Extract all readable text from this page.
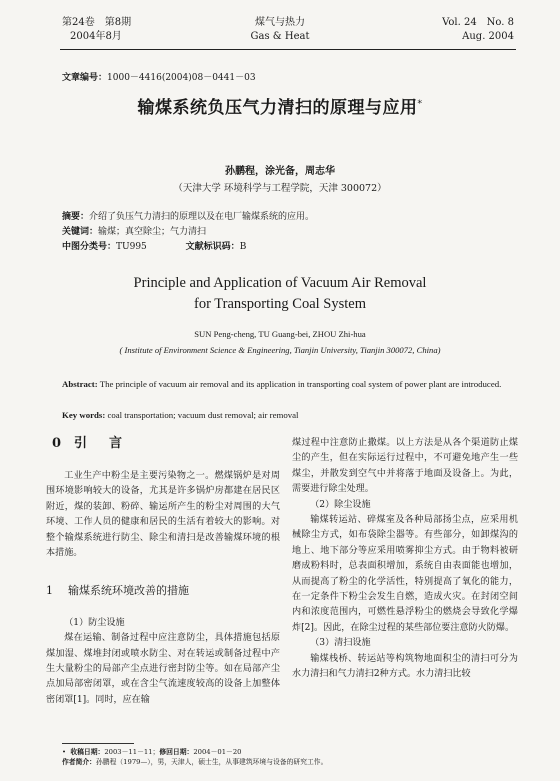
第24卷　第8期
2004年8月
煤气与热力
Gas & Heat
Vol. 24　No. 8
Aug. 2004
文章编号：1000－4416(2004)08－0441－03
输煤系统负压气力清扫的原理与应用*
孙鹏程，涂光备，周志华
（天津大学 环境科学与工程学院，天津 300072）
摘要：介绍了负压气力清扫的原理以及在电厂输煤系统的应用。
关键词：输煤；真空除尘；气力清扫
中图分类号：TU995	文献标识码：B
Principle and Application of Vacuum Air Removal
for Transporting Coal System
SUN Peng-cheng, TU Guang-bei, ZHOU Zhi-hua
( Institute of Environment Science & Engineering, Tianjin University, Tianjin 300072, China)
Abstract: The principle of vacuum air removal and its application in transporting coal system of power plant are introduced.
Key words: coal transportation; vacuum dust removal; air removal

0 引言

工业生产中粉尘是主要污染物之一。燃煤锅炉是对周围环境影响较大的设备，尤其是许多锅炉房都建在居民区附近，煤的装卸、粉碎、输运所产生的粉尘对周围的大气环境、工作人员的健康和居民的生活有着较大的影响。对整个输煤系统进行防尘、除尘和清扫是改善输煤环境的根本措施。

1 输煤系统环境改善的措施

（1）防尘设施

煤在运输、制备过程中应注意防尘，具体措施包括原煤加湿、煤堆封闭或喷水防尘、对在转运或制备过程中产生大量粉尘的局部产尘点进行密封防尘等。如在局部产尘点加局部密闭罩，或在含尘气流速度较高的设备上加整体密闭罩[1]。同时，应在输

煤过程中注意防止撒煤。以上方法是从各个渠道防止煤尘的产生，但在实际运行过程中，不可避免地产生一些煤尘，并散发到空气中并将落于地面及设备上。为此，需要进行除尘处理。

（2）除尘设施

输煤转运站、碎煤室及各种局部扬尘点，应采用机械除尘方式，如布袋除尘器等。有些部分，如卸煤沟的地上、地下部分等应采用喷雾抑尘方式。由于物料被研磨成粉料时，总表面积增加，系统自由表面能也增加，从而提高了粉尘的化学活性，特别提高了氧化的能力，在一定条件下粉尘会发生自燃，造成火灾。在封闭空间内和浓度范围内，可燃性悬浮粉尘的燃烧会导致化学爆炸[2]。因此，在除尘过程的某些部位要注意防火防爆。

（3）清扫设施

输煤栈桥、转运站等构筑物地面积尘的清扫可分为水力清扫和气力清扫2种方式。水力清扫比较

•  收稿日期：2003－11－11；修回日期：2004－01－20
作者简介：孙鹏程（1979—），男，天津人，硕士生，从事建筑环境与设备的研究工作。
